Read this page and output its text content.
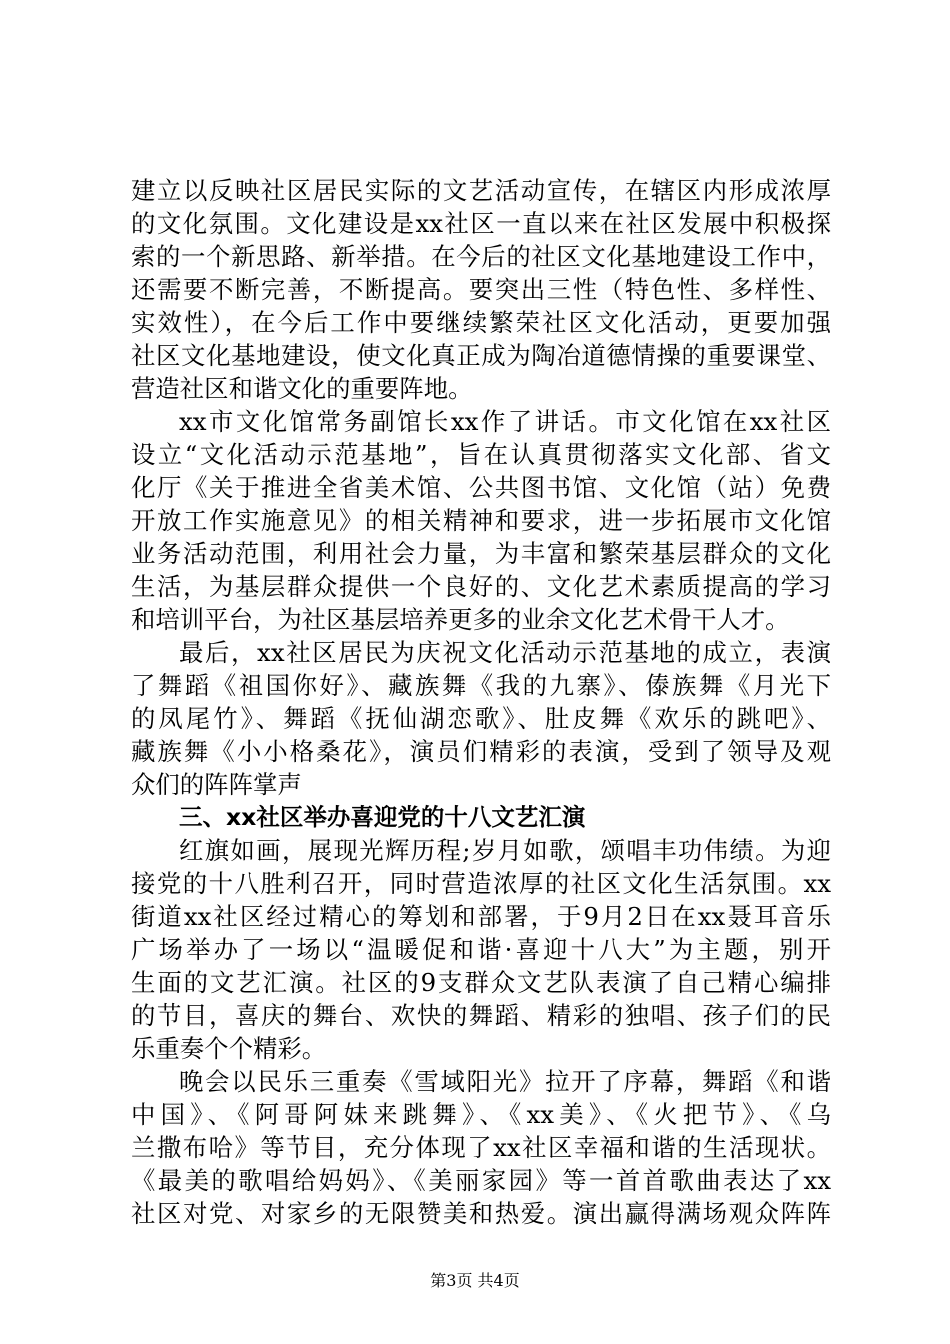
建立以反映社区居民实际的文艺活动宣传，在辖区内形成浓厚
的文化氛围。文化建设是xx社区一直以来在社区发展中积极探
索的一个新思路、新举措。在今后的社区文化基地建设工作中，
还需要不断完善，不断提高。要突出三性（特色性、多样性、
实效性），在今后工作中要继续繁荣社区文化活动，更要加强
社区文化基地建设，使文化真正成为陶冶道德情操的重要课堂、
营造社区和谐文化的重要阵地。
xx市文化馆常务副馆长xx作了讲话。市文化馆在xx社区
设立“文化活动示范基地”，旨在认真贯彻落实文化部、省文
化厅《关于推进全省美术馆、公共图书馆、文化馆（站）免费
开放工作实施意见》的相关精神和要求，进一步拓展市文化馆
业务活动范围，利用社会力量，为丰富和繁荣基层群众的文化
生活，为基层群众提供一个良好的、文化艺术素质提高的学习
和培训平台，为社区基层培养更多的业余文化艺术骨干人才。
最后，xx社区居民为庆祝文化活动示范基地的成立，表演
了舞蹈《祖国你好》、藏族舞《我的九寨》、傣族舞《月光下
的凤尾竹》、舞蹈《抚仙湖恋歌》、肚皮舞《欢乐的跳吧》、
藏族舞《小小格桑花》，演员们精彩的表演，受到了领导及观
众们的阵阵掌声
三、xx社区举办喜迎党的十八文艺汇演
红旗如画，展现光辉历程;岁月如歌，颂唱丰功伟绩。为迎
接党的十八胜利召开，同时营造浓厚的社区文化生活氛围。xx
街道xx社区经过精心的筹划和部署，于9月2日在xx聂耳音乐
广场举办了一场以“温暖促和谐·喜迎十八大”为主题，别开
生面的文艺汇演。社区的9支群众文艺队表演了自己精心编排
的节目，喜庆的舞台、欢快的舞蹈、精彩的独唱、孩子们的民
乐重奏个个精彩。
晚会以民乐三重奏《雪域阳光》拉开了序幕，舞蹈《和谐
中国》、《阿哥阿妹来跳舞》、《xx美》、《火把节》、《乌
兰撒布哈》等节目，充分体现了xx社区幸福和谐的生活现状。
《最美的歌唱给妈妈》、《美丽家园》等一首首歌曲表达了xx
社区对党、对家乡的无限赞美和热爱。演出赢得满场观众阵阵
第3页 共4页
